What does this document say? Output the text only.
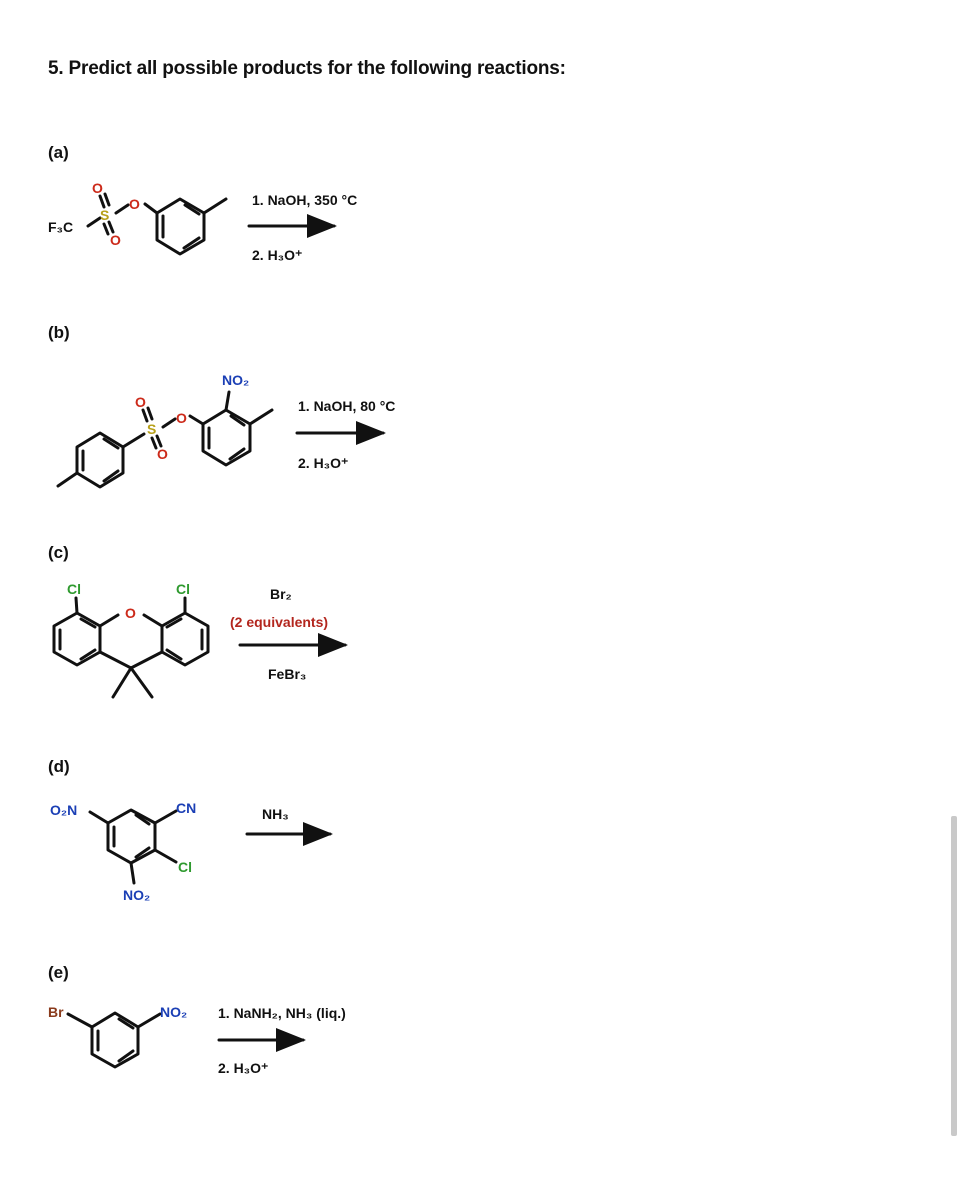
5. Predict all possible products for the following reactions:
(a)
(b)
(c)
(d)
(e)
1. NaOH, 350 °C
2. H₃O⁺
1. NaOH, 80 °C
2. H₃O⁺
Br₂
(2 equivalents)
FeBr₃
NH₃
1. NaNH₂, NH₃ (liq.)
2. H₃O⁺
F₃C
O
S
O
O
NO₂
O
S
O
O
Cl	Cl
O
O₂N	CN
Cl
NO₂
Br	NO₂
